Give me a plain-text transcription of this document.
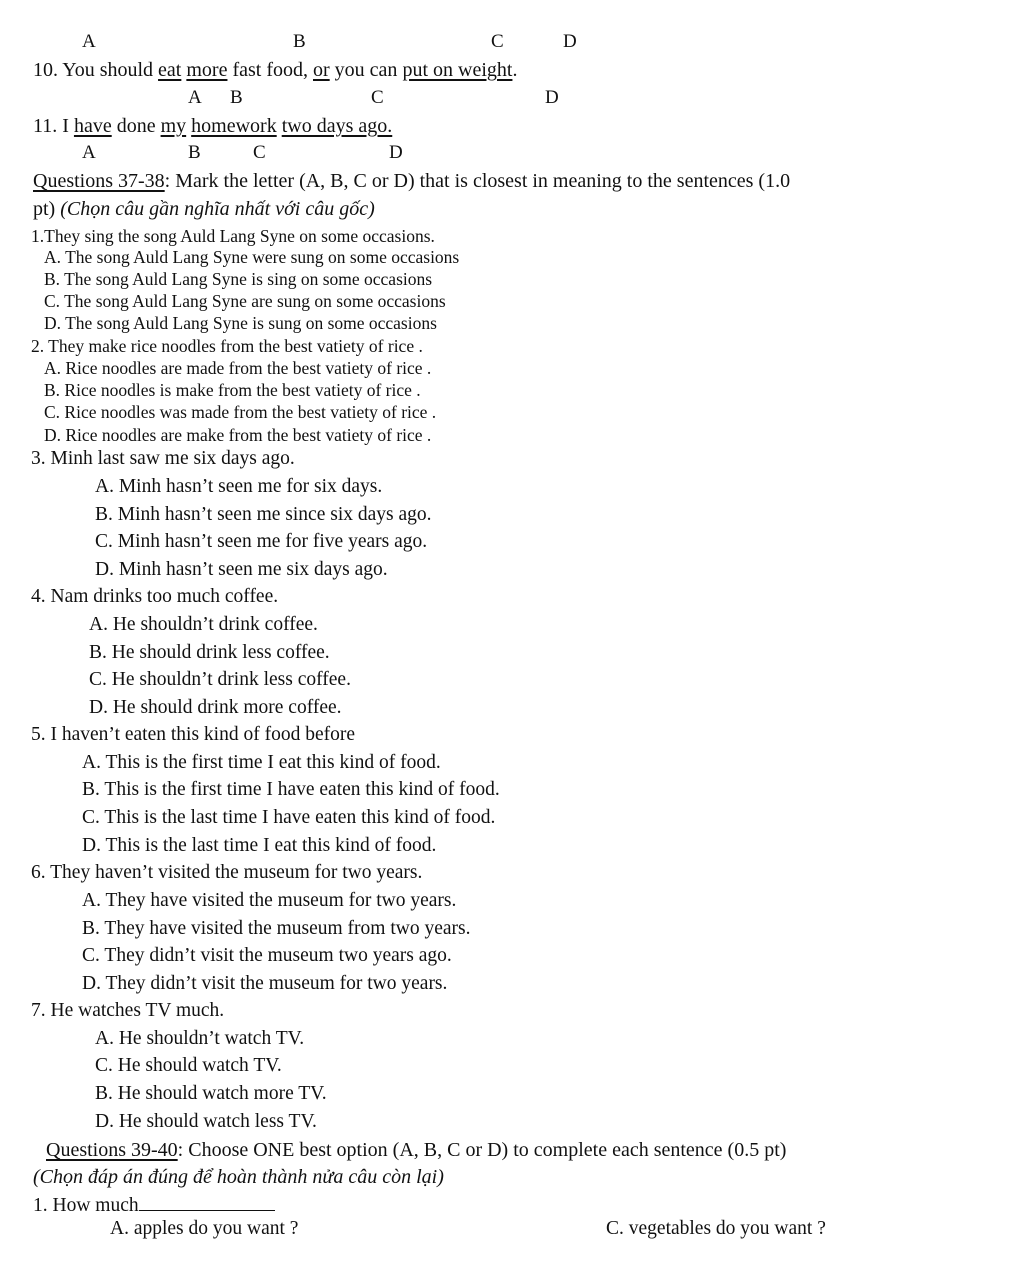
A	B	C	D
10. You should eat more fast food, or you can put on weight.
A B	C	D
11. I have done my homework two days ago.
A	B	C	D
Questions 37-38: Mark the letter (A, B, C or D) that is closest in meaning to the sentences (1.0
pt) (Chọn câu gần nghĩa nhất với câu gốc)
1.They sing the song Auld Lang Syne on some occasions.
A. The song Auld Lang Syne were sung on some occasions
B. The song Auld Lang Syne is sing on some occasions
C. The song Auld Lang Syne are sung on some occasions
D. The song Auld Lang Syne is sung on some occasions
2. They make rice noodles from the best vatiety of rice .
A. Rice noodles are made from the best vatiety of rice .
B. Rice noodles is make from the best vatiety of rice .
C. Rice noodles was made from the best vatiety of rice .
D. Rice noodles are make from the best vatiety of rice .
3. Minh last saw me six days ago.
A. Minh hasn’t seen me for six days.
B. Minh hasn’t seen me since six days ago.
C. Minh hasn’t seen me for five years ago.
D. Minh hasn’t seen me six days ago.
4. Nam drinks too much coffee.
A. He shouldn’t drink coffee.
B. He should drink less coffee.
C. He shouldn’t drink less coffee.
D. He should drink more coffee.
5. I haven’t eaten this kind of food before
A. This is the first time I eat this kind of food.
B. This is the first time I have eaten this kind of food.
C. This is the last time I have eaten this kind of food.
D. This is the last time I eat this kind of food.
6. They haven’t visited the museum for two years.
A. They have visited the museum for two years.
B. They have visited the museum from two years.
C. They didn’t visit the museum two years ago.
D. They didn’t visit the museum for two years.
7. He watches TV much.
A. He shouldn’t watch TV.
C. He should watch TV.
B. He should watch more TV.
D. He should watch less TV.
Questions 39-40: Choose ONE best option (A, B, C or D) to complete each sentence (0.5 pt)
(Chọn đáp án đúng để hoàn thành nửa câu còn lại)
1. How much
A. apples do you want ?	C. vegetables do you want ?
